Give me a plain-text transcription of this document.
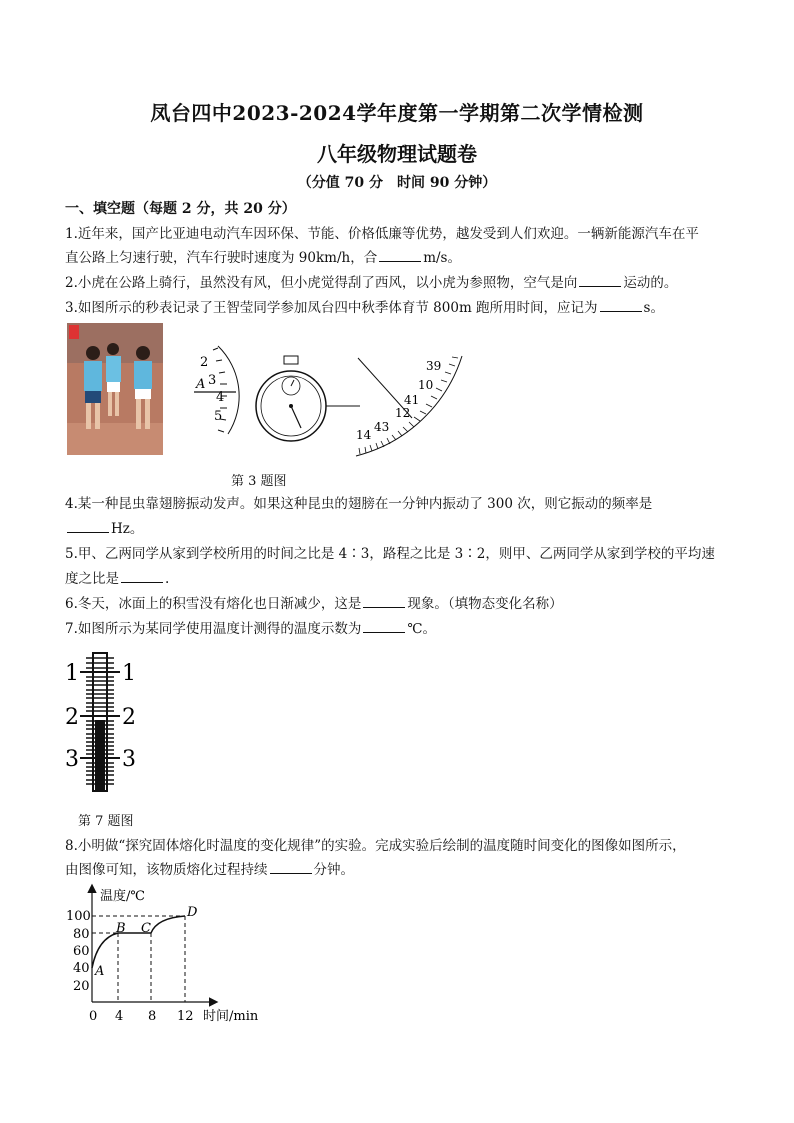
凤台四中2023-2024学年度第一学期第二次学情检测
八年级物理试题卷
（分值 70 分　时间 90 分钟）
一、填空题（每题 2 分，共 20 分）
1.近年来，国产比亚迪电动汽车因环保、节能、价格低廉等优势，越发受到人们欢迎。一辆新能源汽车在平
直公路上匀速行驶，汽车行驶时速度为 90km/h，合	m/s。
2.小虎在公路上骑行，虽然没有风，但小虎觉得刮了西风，以小虎为参照物，空气是向	运动的。
3.如图所示的秒表记录了王智莹同学参加凤台四中秋季体育节 800m 跑所用时间，应记为	s。
2
3
4
5
A
39
10
41
12
43
14
第 3 题图
4.某一种昆虫靠翅膀振动发声。如果这种昆虫的翅膀在一分钟内振动了 300 次，则它振动的频率是
Hz。
5.甲、乙两同学从家到学校所用的时间之比是 4∶3，路程之比是 3∶2，则甲、乙两同学从家到学校的平均速
度之比是	.
6.冬天，冰面上的积雪没有熔化也日渐减少，这是	现象。（填物态变化名称）
7.如图所示为某同学使用温度计测得的温度示数为	℃。
1
2
3
1
2
3
第 7 题图
8.小明做“探究固体熔化时温度的变化规律”的实验。完成实验后绘制的温度随时间变化的图像如图所示，
由图像可知，该物质熔化过程持续	分钟。
温度/℃
时间/min
100
80
60
40
20
0 4 8 12
A
B C
D
